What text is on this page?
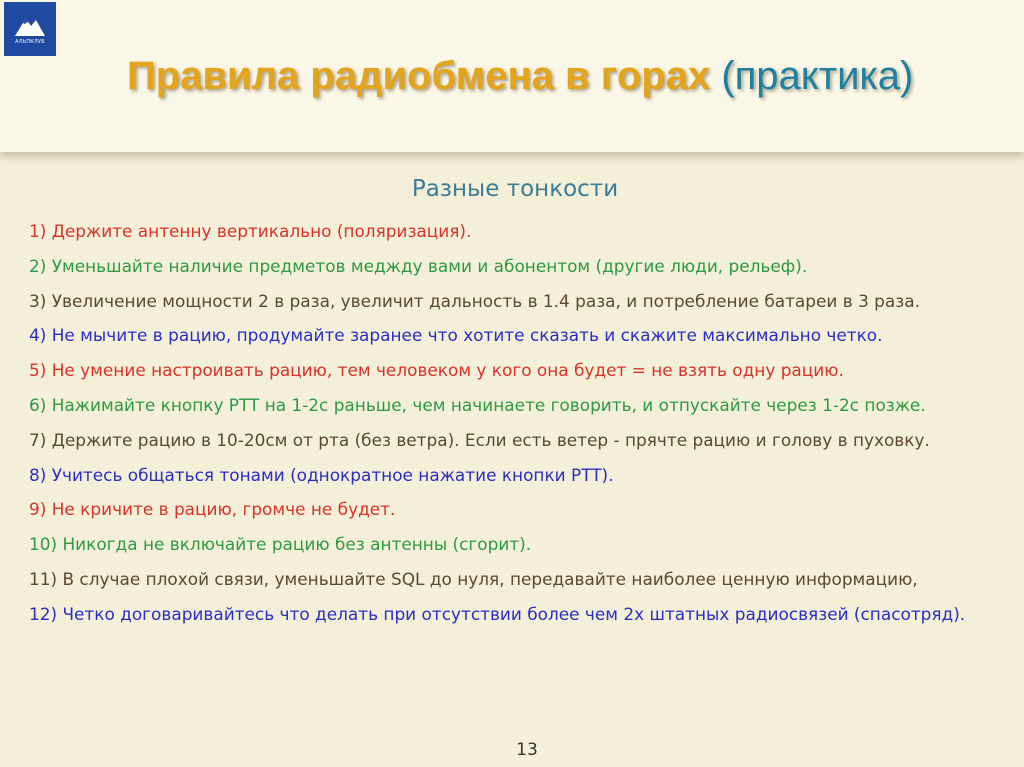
АЛЬПКЛУБ
Правила радиобмена в горах (практика)

Разные тонкости

1) Держите антенну вертикально (поляризация).
2) Уменьшайте наличие предметов меджду вами и абонентом (другие люди, рельеф).
3) Увеличение мощности 2 в раза, увеличит дальность в 1.4 раза, и потребление батареи в 3 раза.
4) Не мычите в рацию, продумайте заранее что хотите сказать и скажите максимально четко.
5) Не умение настроивать рацию, тем человеком у кого она будет = не взять одну рацию.
6) Нажимайте кнопку PTT на 1-2с раньше, чем начинаете говорить, и отпускайте через 1-2с позже.
7) Держите рацию в 10-20см от рта (без ветра). Если есть ветер - прячте рацию и голову в пуховку.
8) Учитесь общаться тонами (однократное нажатие кнопки PTT).
9) Не кричите в рацию, громче не будет.
10) Никогда не включайте рацию без антенны (сгорит).
11) В случае плохой связи, уменьшайте SQL до нуля, передавайте наиболее ценную информацию,
12) Четко договаривайтесь что делать при отсутствии более чем 2х штатных радиосвязей (спасотряд).
13
